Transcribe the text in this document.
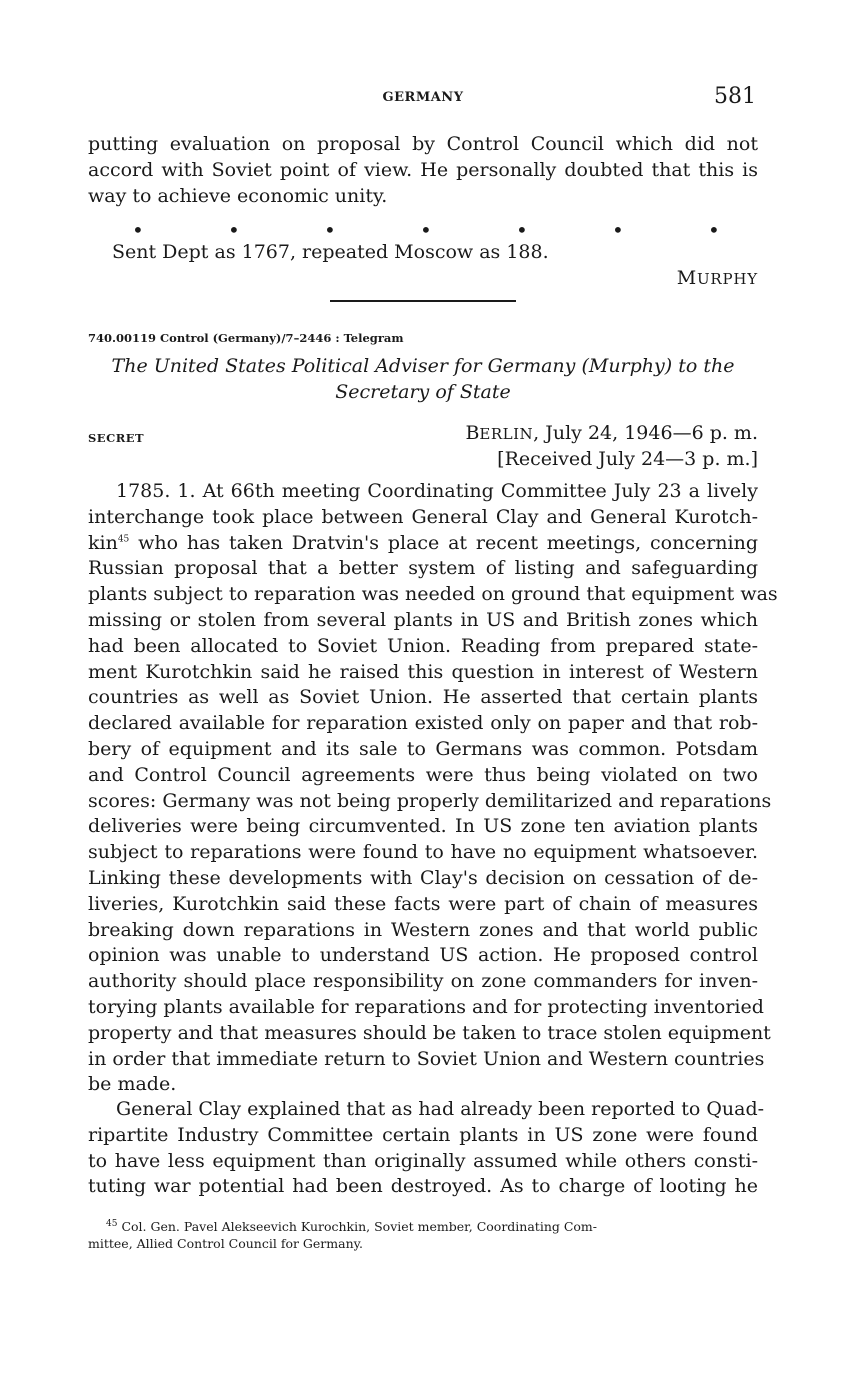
GERMANY	581
putting evaluation on proposal by Control Council which did not
accord with Soviet point of view. He personally doubted that this is
way to achieve economic unity.
•	•	•	•	•	•	•
Sent Dept as 1767, repeated Moscow as 188.
MURPHY
740.00119 Control (Germany)/7–2446 : Telegram
The United States Political Adviser for Germany (Murphy) to the
Secretary of State
SECRET	BERLIN, July 24, 1946—6 p. m.
[Received July 24—3 p. m.]
1785. 1. At 66th meeting Coordinating Committee July 23 a lively
interchange took place between General Clay and General Kurotch-
kin$^{45}$ who has taken Dratvin's place at recent meetings, concerning
Russian proposal that a better system of listing and safeguarding
plants subject to reparation was needed on ground that equipment was
missing or stolen from several plants in US and British zones which
had been allocated to Soviet Union. Reading from prepared state-
ment Kurotchkin said he raised this question in interest of Western
countries as well as Soviet Union. He asserted that certain plants
declared available for reparation existed only on paper and that rob-
bery of equipment and its sale to Germans was common. Potsdam
and Control Council agreements were thus being violated on two
scores: Germany was not being properly demilitarized and reparations
deliveries were being circumvented. In US zone ten aviation plants
subject to reparations were found to have no equipment whatsoever.
Linking these developments with Clay's decision on cessation of de-
liveries, Kurotchkin said these facts were part of chain of measures
breaking down reparations in Western zones and that world public
opinion was unable to understand US action. He proposed control
authority should place responsibility on zone commanders for inven-
torying plants available for reparations and for protecting inventoried
property and that measures should be taken to trace stolen equipment
in order that immediate return to Soviet Union and Western countries
be made.
General Clay explained that as had already been reported to Quad-
ripartite Industry Committee certain plants in US zone were found
to have less equipment than originally assumed while others consti-
tuting war potential had been destroyed. As to charge of looting he
$^{45}$ Col. Gen. Pavel Alekseevich Kurochkin, Soviet member, Coordinating Com-
mittee, Allied Control Council for Germany.
